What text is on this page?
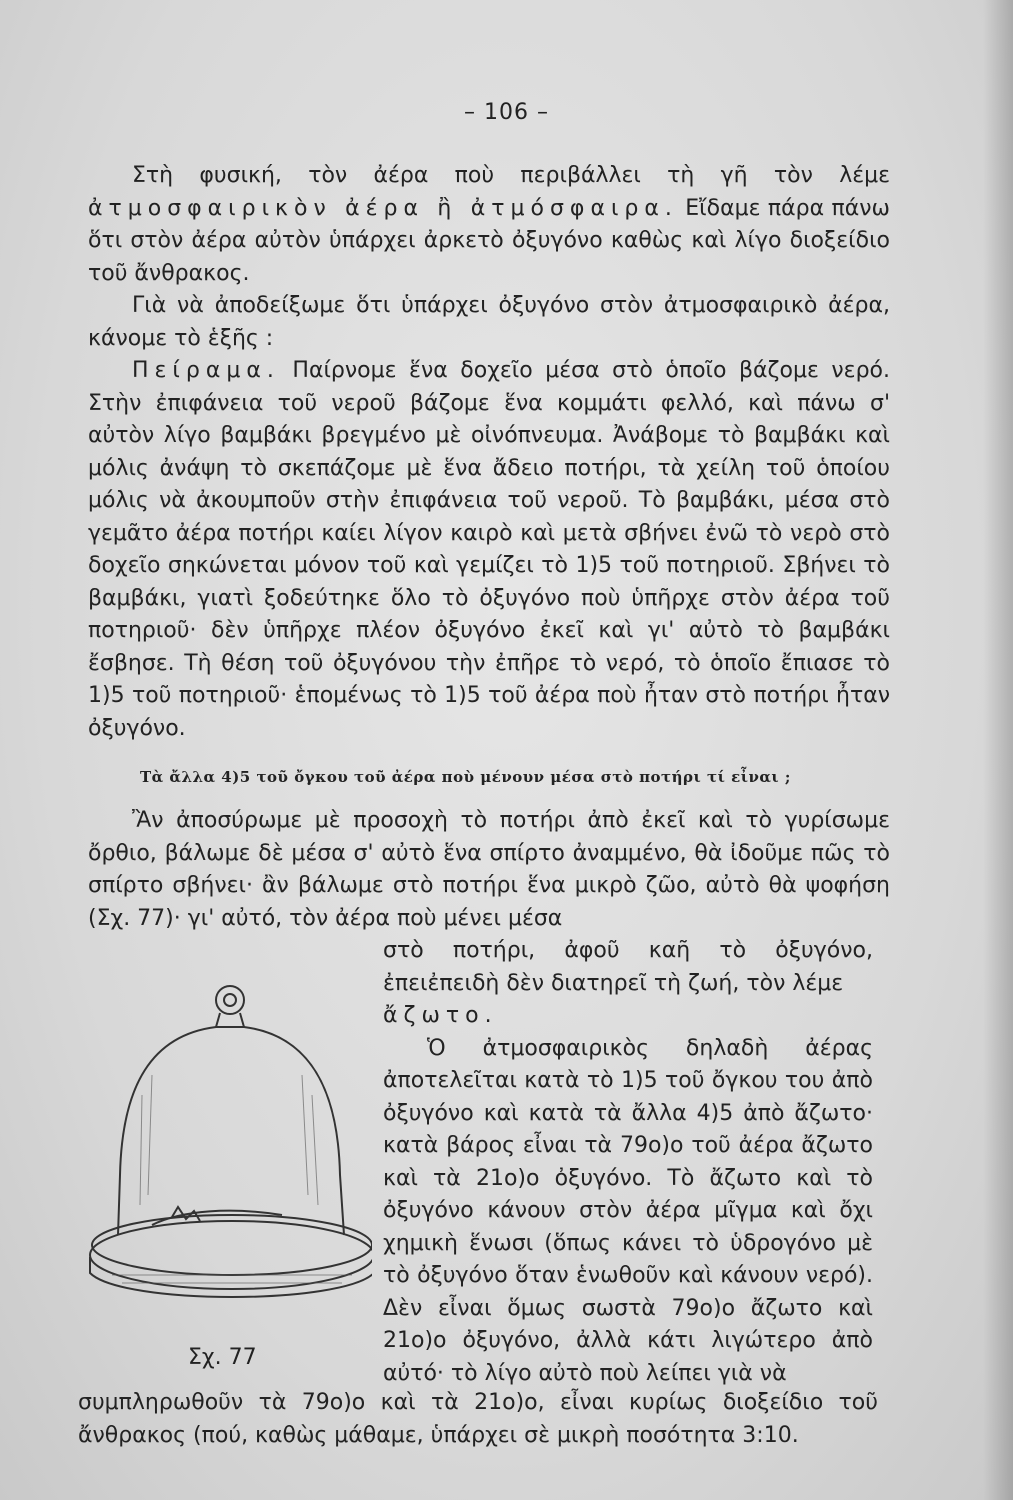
– 106 –

Στὴ φυσική, τὸν ἀέρα ποὺ περιβάλλει τὴ γῆ τὸν λέμε ἀτμοσφαιρικὸν ἀέρα ἢ ἀτμόσφαιρα. Εἴδαμε πάρα πάνω ὅτι στὸν ἀέρα αὐτὸν ὑπάρχει ἀρκετὸ ὀξυγόνο καθὼς καὶ λίγο διοξείδιο τοῦ ἄνθρακος.

Γιὰ νὰ ἀποδείξωμε ὅτι ὑπάρχει ὀξυγόνο στὸν ἀτμοσφαιρικὸ ἀέρα, κάνομε τὸ ἑξῆς :

Πείραμα. Παίρνομε ἕνα δοχεῖο μέσα στὸ ὁποῖο βάζομε νερό. Στὴν ἐπιφάνεια τοῦ νεροῦ βάζομε ἕνα κομμάτι φελλό, καὶ πάνω σ' αὐτὸν λίγο βαμβάκι βρεγμένο μὲ οἰνόπνευμα. Ἀνάβομε τὸ βαμβάκι καὶ μόλις ἀνάψη τὸ σκεπάζομε μὲ ἕνα ἄδειο ποτήρι, τὰ χείλη τοῦ ὁποίου μόλις νὰ ἀκουμποῦν στὴν ἐπιφάνεια τοῦ νεροῦ. Τὸ βαμβάκι, μέσα στὸ γεμᾶτο ἀέρα ποτήρι καίει λίγον καιρὸ καὶ μετὰ σβήνει ἐνῶ τὸ νερὸ στὸ δοχεῖο σηκώνεται μόνον τοῦ καὶ γεμίζει τὸ 1)5 τοῦ ποτηριοῦ. Σβήνει τὸ βαμβάκι, γιατὶ ξοδεύτηκε ὅλο τὸ ὀξυγόνο ποὺ ὑπῆρχε στὸν ἀέρα τοῦ ποτηριοῦ· δὲν ὑπῆρχε πλέον ὀξυγόνο ἐκεῖ καὶ γι' αὐτὸ τὸ βαμβάκι ἔσβησε. Τὴ θέση τοῦ ὀξυγόνου τὴν ἐπῆρε τὸ νερό, τὸ ὁποῖο ἔπιασε τὸ 1)5 τοῦ ποτηριοῦ· ἑπομένως τὸ 1)5 τοῦ ἀέρα ποὺ ἦταν στὸ ποτήρι ἦταν ὀξυγόνο.

Τὰ ἄλλα 4)5 τοῦ ὄγκου τοῦ ἀέρα ποὺ μένουν μέσα στὸ ποτήρι τί εἶναι ;

Ἂν ἀποσύρωμε μὲ προσοχὴ τὸ ποτήρι ἀπὸ ἐκεῖ καὶ τὸ γυρίσωμε ὄρθιο, βάλωμε δὲ μέσα σ' αὐτὸ ἕνα σπίρτο ἀναμμένο, θὰ ἰδοῦμε πῶς τὸ σπίρτο σβήνει· ἂν βάλωμε στὸ ποτήρι ἕνα μικρὸ ζῶο, αὐτὸ θὰ ψοφήση (Σχ. 77)· γι' αὐτό, τὸν ἀέρα ποὺ μένει μέσα

στὸ ποτήρι, ἀφοῦ καῆ τὸ ὀξυγόνο, ἐπειἐπειδὴ δὲν διατηρεῖ τὴ ζωή, τὸν λέμε

ἄζωτο.

Ὁ ἀτμοσφαιρικὸς δηλαδὴ ἀέρας ἀποτελεῖται κατὰ τὸ 1)5 τοῦ ὄγκου του ἀπὸ ὀξυγόνο καὶ κατὰ τὰ ἄλλα 4)5 ἀπὸ ἄζωτο· κατὰ βάρος εἶναι τὰ 79ο)ο τοῦ ἀέρα ἄζωτο καὶ τὰ 21ο)ο ὀξυγόνο. Τὸ ἄζωτο καὶ τὸ ὀξυγόνο κάνουν στὸν ἀέρα μῖγμα καὶ ὄχι χημικὴ ἕνωσι (ὅπως κάνει τὸ ὑδρογόνο μὲ τὸ ὀξυγόνο ὅταν ἑνωθοῦν καὶ κάνουν νερό). Δὲν εἶναι ὅμως σωστὰ 79ο)ο ἄζωτο καὶ 21ο)ο ὀξυγόνο, ἀλλὰ κάτι λιγώτερο ἀπὸ αὐτό· τὸ λίγο αὐτὸ ποὺ λείπει γιὰ νὰ

Σχ. 77

συμπληρωθοῦν τὰ 79ο)ο καὶ τὰ 21ο)ο, εἶναι κυρίως διοξείδιο τοῦ ἄνθρακος (πού, καθὼς μάθαμε, ὑπάρχει σὲ μικρὴ ποσότητα 3:10.
